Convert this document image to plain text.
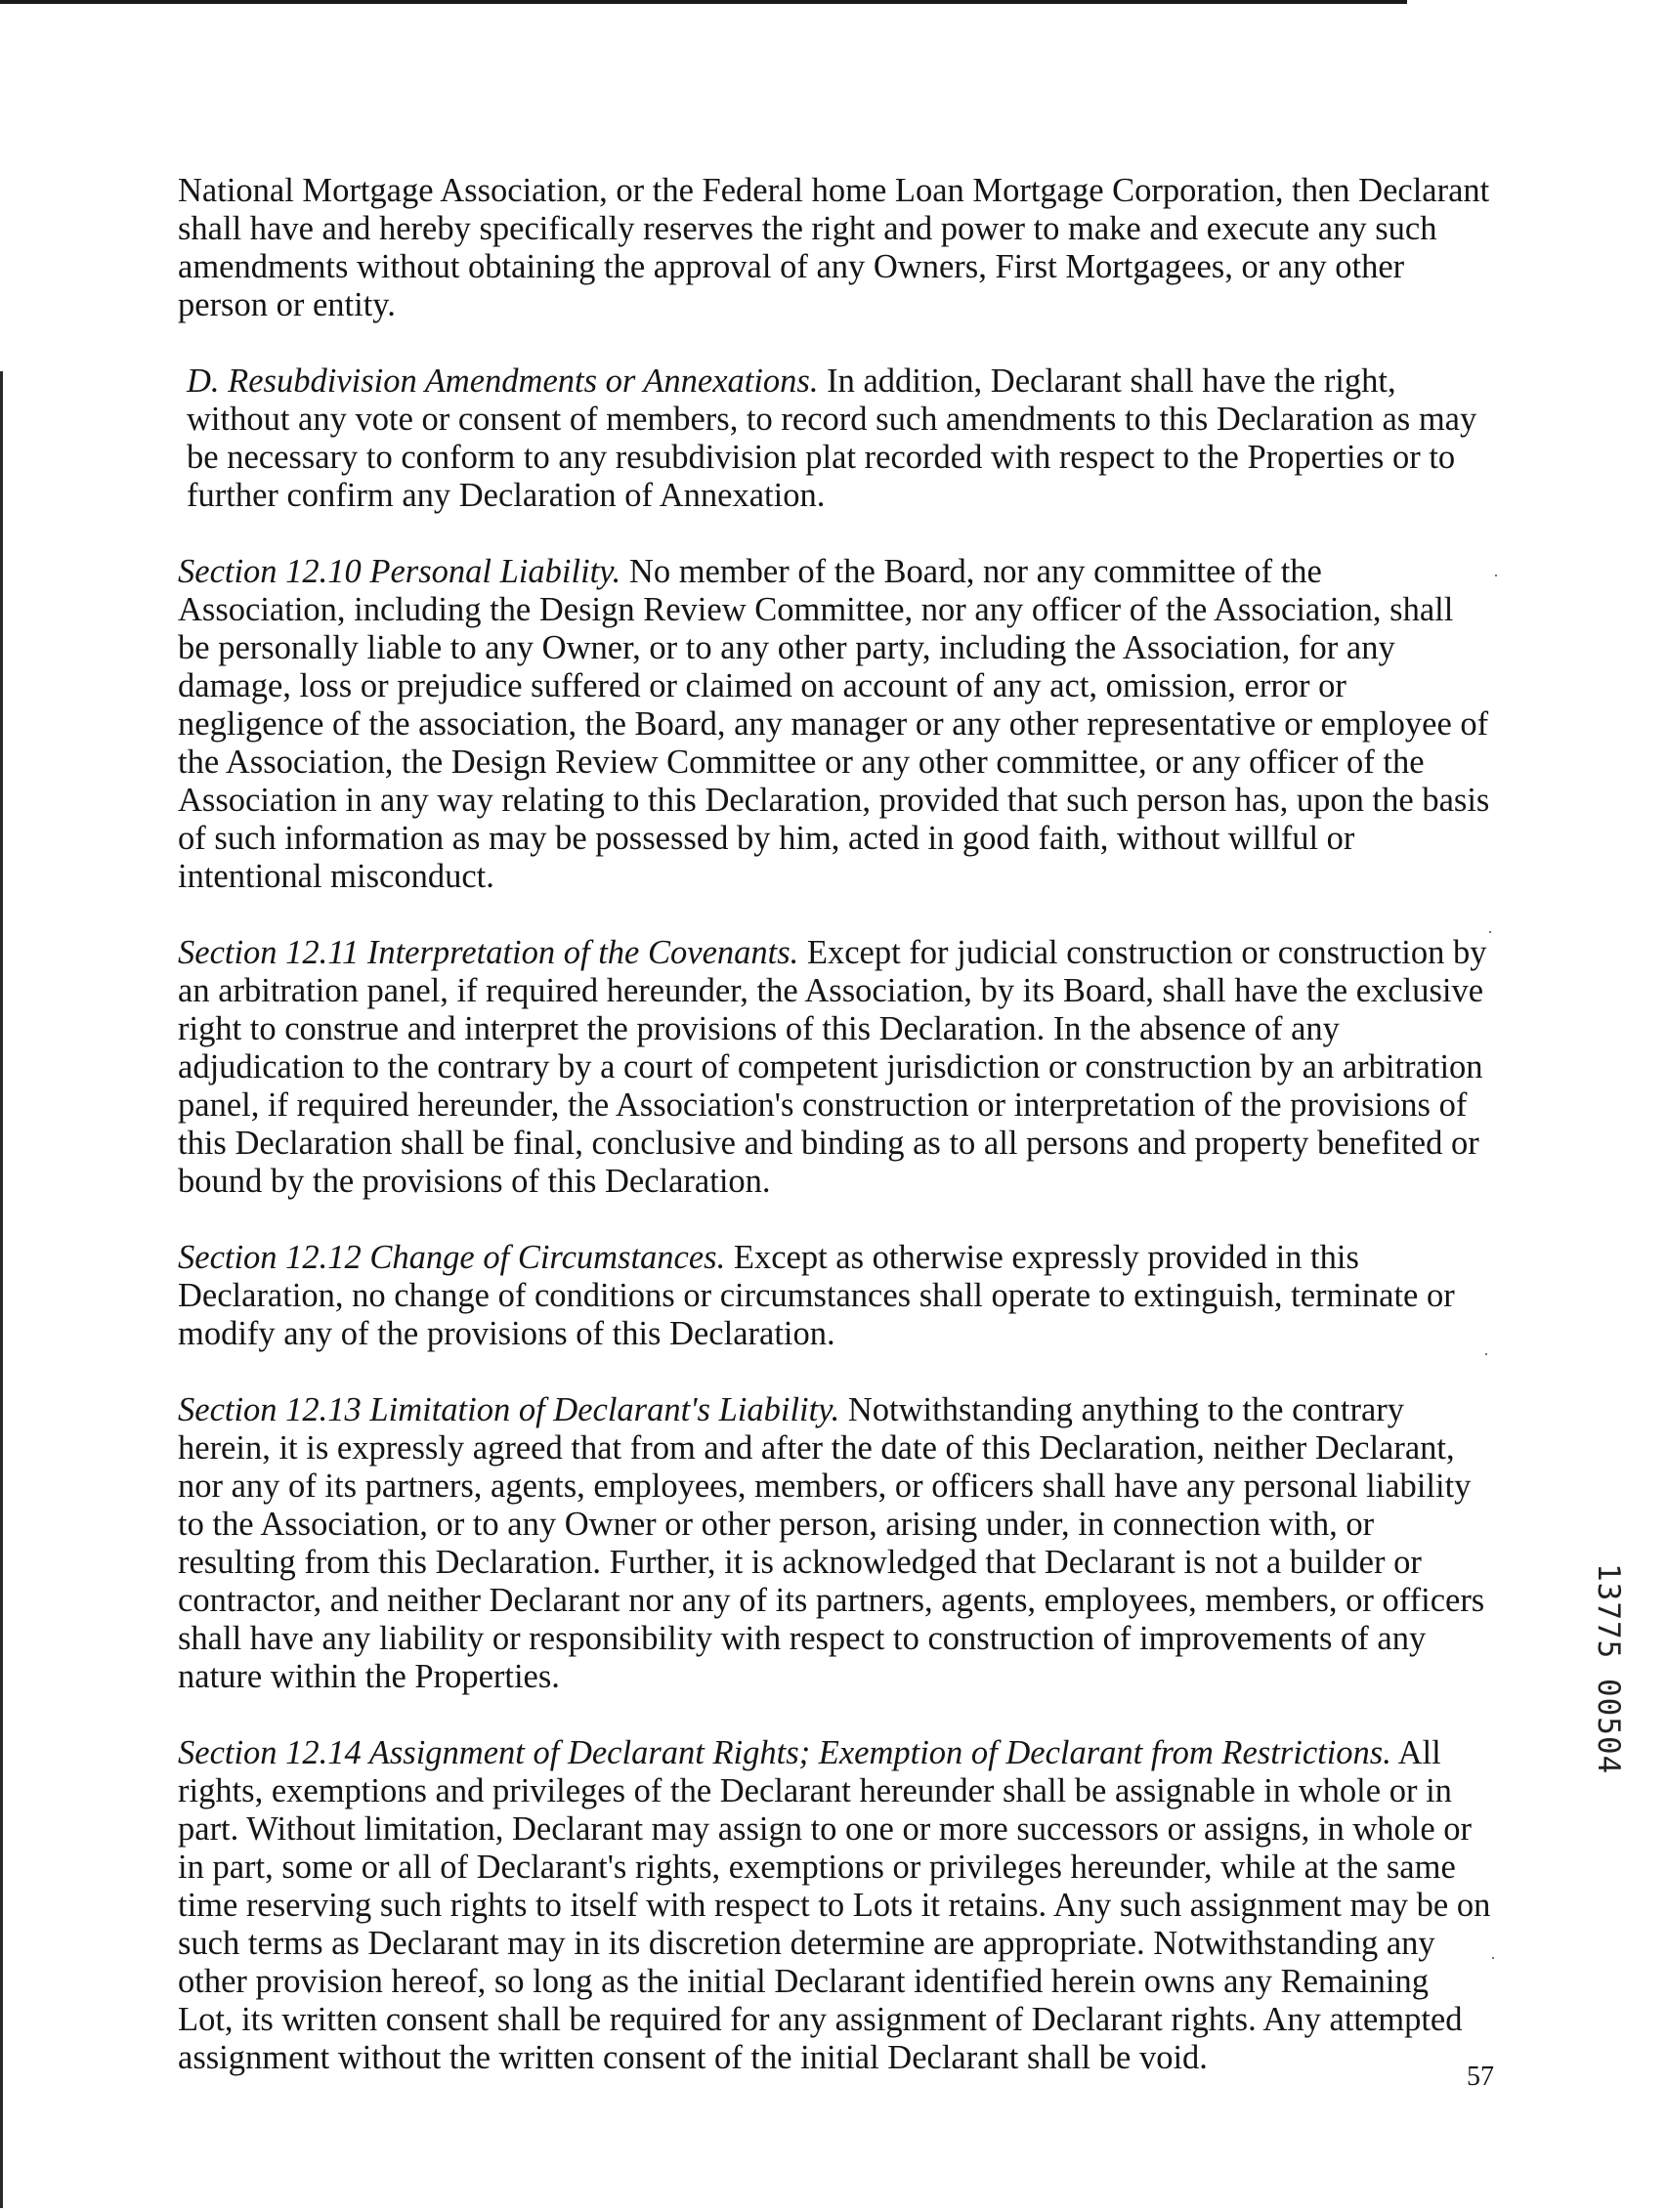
National Mortgage Association, or the Federal home Loan Mortgage Corporation, then Declarant shall have and hereby specifically reserves the right and power to make and execute any such amendments without obtaining the approval of any Owners, First Mortgagees, or any other person or entity.

D. Resubdivision Amendments or Annexations. In addition, Declarant shall have the right, without any vote or consent of members, to record such amendments to this Declaration as may be necessary to conform to any resubdivision plat recorded with respect to the Properties or to further confirm any Declaration of Annexation.

Section 12.10 Personal Liability. No member of the Board, nor any committee of the Association, including the Design Review Committee, nor any officer of the Association, shall be personally liable to any Owner, or to any other party, including the Association, for any damage, loss or prejudice suffered or claimed on account of any act, omission, error or negligence of the association, the Board, any manager or any other representative or employee of the Association, the Design Review Committee or any other committee, or any officer of the Association in any way relating to this Declaration, provided that such person has, upon the basis of such information as may be possessed by him, acted in good faith, without willful or intentional misconduct.

Section 12.11 Interpretation of the Covenants. Except for judicial construction or construction by an arbitration panel, if required hereunder, the Association, by its Board, shall have the exclusive right to construe and interpret the provisions of this Declaration. In the absence of any adjudication to the contrary by a court of competent jurisdiction or construction by an arbitration panel, if required hereunder, the Association's construction or interpretation of the provisions of this Declaration shall be final, conclusive and binding as to all persons and property benefited or bound by the provisions of this Declaration.

Section 12.12 Change of Circumstances. Except as otherwise expressly provided in this Declaration, no change of conditions or circumstances shall operate to extinguish, terminate or modify any of the provisions of this Declaration.

Section 12.13 Limitation of Declarant's Liability. Notwithstanding anything to the contrary herein, it is expressly agreed that from and after the date of this Declaration, neither Declarant, nor any of its partners, agents, employees, members, or officers shall have any personal liability to the Association, or to any Owner or other person, arising under, in connection with, or resulting from this Declaration. Further, it is acknowledged that Declarant is not a builder or contractor, and neither Declarant nor any of its partners, agents, employees, members, or officers shall have any liability or responsibility with respect to construction of improvements of any nature within the Properties.

Section 12.14 Assignment of Declarant Rights; Exemption of Declarant from Restrictions. All rights, exemptions and privileges of the Declarant hereunder shall be assignable in whole or in part. Without limitation, Declarant may assign to one or more successors or assigns, in whole or in part, some or all of Declarant's rights, exemptions or privileges hereunder, while at the same time reserving such rights to itself with respect to Lots it retains. Any such assignment may be on such terms as Declarant may in its discretion determine are appropriate. Notwithstanding any other provision hereof, so long as the initial Declarant identified herein owns any Remaining Lot, its written consent shall be required for any assignment of Declarant rights. Any attempted assignment without the written consent of the initial Declarant shall be void.

13775 00504
57
